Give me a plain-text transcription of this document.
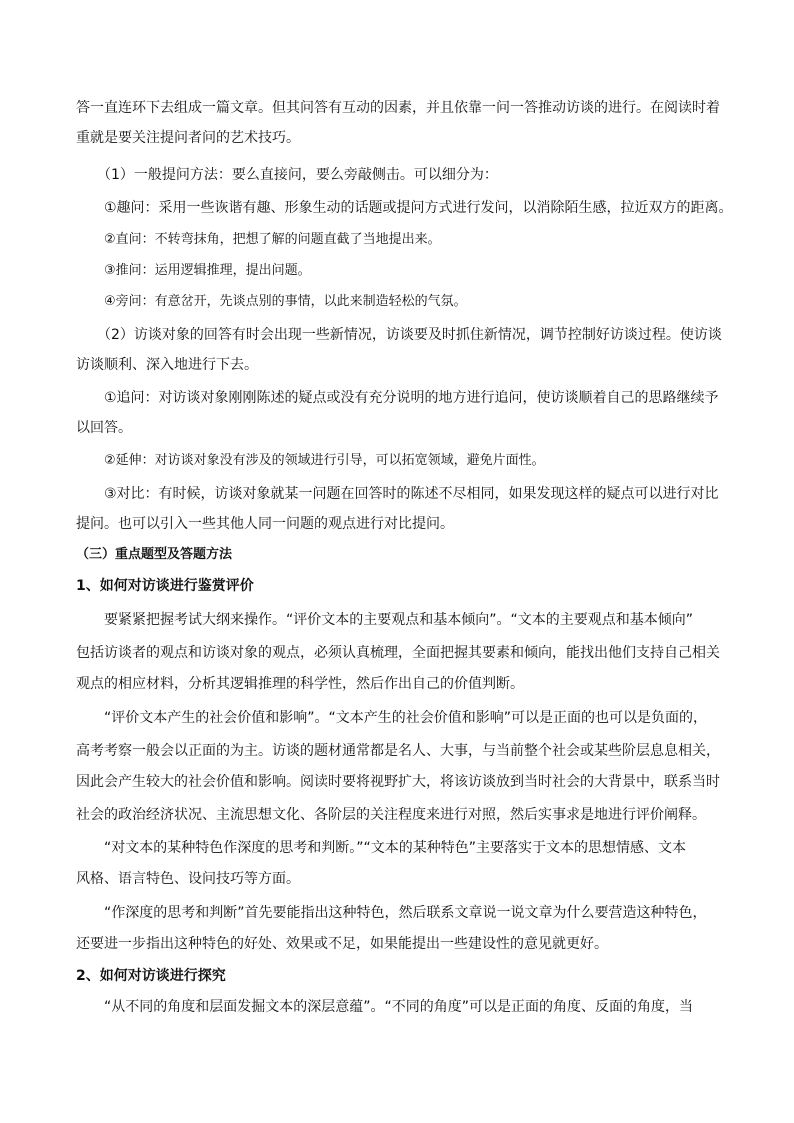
答一直连环下去组成一篇文章。但其问答有互动的因素，并且依靠一问一答推动访谈的进行。在阅读时着
重就是要关注提问者问的艺术技巧。
（1）一般提问方法：要么直接问，要么旁敲侧击。可以细分为：
①趣问：采用一些诙谐有趣、形象生动的话题或提问方式进行发问，以消除陌生感，拉近双方的距离。
②直问：不转弯抹角，把想了解的问题直截了当地提出来。
③推问：运用逻辑推理，提出问题。
④旁问：有意岔开，先谈点别的事情，以此来制造轻松的气氛。
（2）访谈对象的回答有时会出现一些新情况，访谈要及时抓住新情况，调节控制好访谈过程。使访谈
访谈顺利、深入地进行下去。
①追问：对访谈对象刚刚陈述的疑点或没有充分说明的地方进行追问，使访谈顺着自己的思路继续予
以回答。
②延伸：对访谈对象没有涉及的领域进行引导，可以拓宽领域，避免片面性。
③对比：有时候，访谈对象就某一问题在回答时的陈述不尽相同，如果发现这样的疑点可以进行对比
提问。也可以引入一些其他人同一问题的观点进行对比提问。
（三）重点题型及答题方法
1、如何对访谈进行鉴赏评价
要紧紧把握考试大纲来操作。“评价文本的主要观点和基本倾向”。“文本的主要观点和基本倾向”
包括访谈者的观点和访谈对象的观点，必须认真梳理，全面把握其要素和倾向，能找出他们支持自己相关
观点的相应材料，分析其逻辑推理的科学性，然后作出自己的价值判断。
“评价文本产生的社会价值和影响”。“文本产生的社会价值和影响”可以是正面的也可以是负面的，
高考考察一般会以正面的为主。访谈的题材通常都是名人、大事，与当前整个社会或某些阶层息息相关，
因此会产生较大的社会价值和影响。阅读时要将视野扩大，将该访谈放到当时社会的大背景中，联系当时
社会的政治经济状况、主流思想文化、各阶层的关注程度来进行对照，然后实事求是地进行评价阐释。
“对文本的某种特色作深度的思考和判断。”“文本的某种特色”主要落实于文本的思想情感、文本
风格、语言特色、设问技巧等方面。
“作深度的思考和判断”首先要能指出这种特色，然后联系文章说一说文章为什么要营造这种特色，
还要进一步指出这种特色的好处、效果或不足，如果能提出一些建设性的意见就更好。
2、如何对访谈进行探究
“从不同的角度和层面发掘文本的深层意蕴”。“不同的角度”可以是正面的角度、反面的角度，当
